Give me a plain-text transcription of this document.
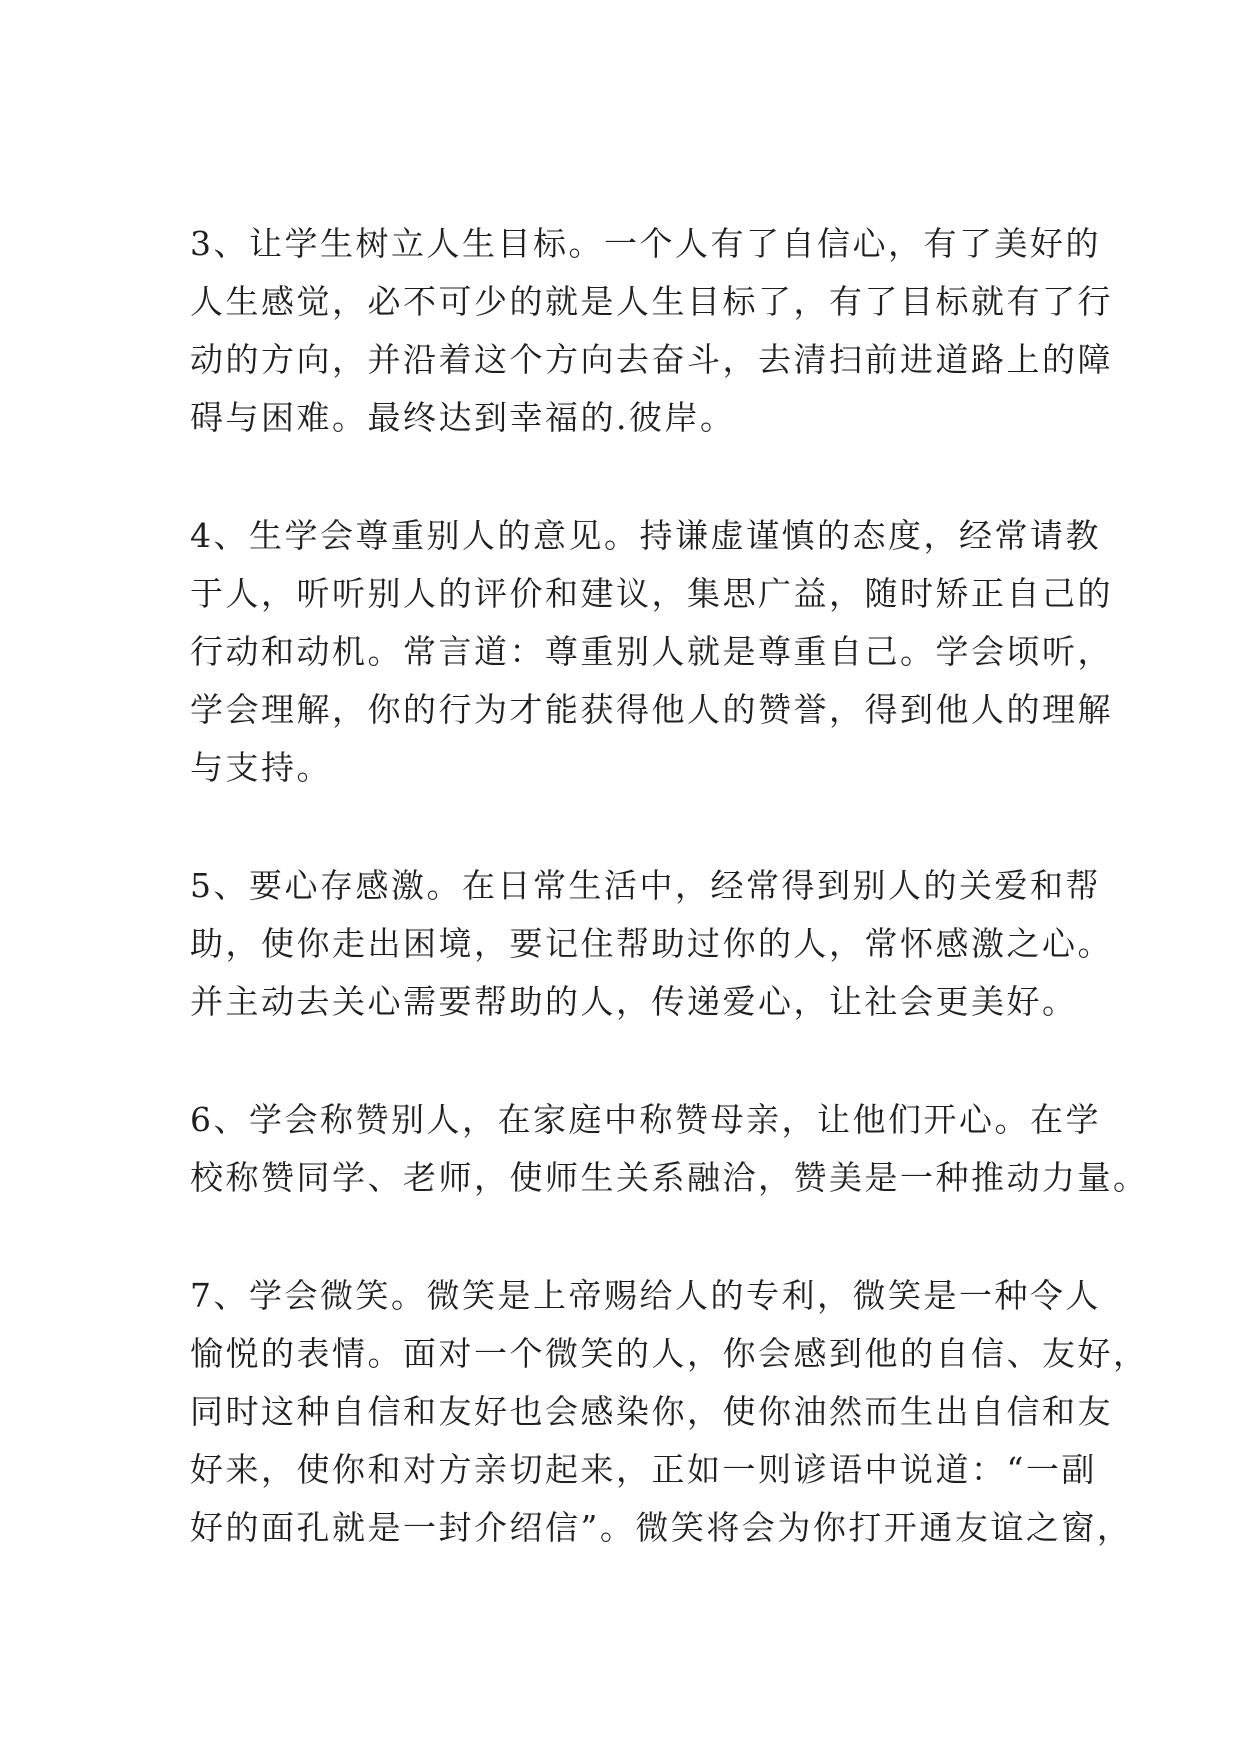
3、让学生树立人生目标。一个人有了自信心，有了美好的
人生感觉，必不可少的就是人生目标了，有了目标就有了行
动的方向，并沿着这个方向去奋斗，去清扫前进道路上的障
碍与困难。最终达到幸福的.彼岸。
4、生学会尊重别人的意见。持谦虚谨慎的态度，经常请教
于人，听听别人的评价和建议，集思广益，随时矫正自己的
行动和动机。常言道：尊重别人就是尊重自己。学会顷听，
学会理解，你的行为才能获得他人的赞誉，得到他人的理解
与支持。
5、要心存感激。在日常生活中，经常得到别人的关爱和帮
助，使你走出困境，要记住帮助过你的人，常怀感激之心。
并主动去关心需要帮助的人，传递爱心，让社会更美好。
6、学会称赞别人，在家庭中称赞母亲，让他们开心。在学
校称赞同学、老师，使师生关系融洽，赞美是一种推动力量。
7、学会微笑。微笑是上帝赐给人的专利，微笑是一种令人
愉悦的表情。面对一个微笑的人，你会感到他的自信、友好，
同时这种自信和友好也会感染你，使你油然而生出自信和友
好来，使你和对方亲切起来，正如一则谚语中说道：“一副
好的面孔就是一封介绍信”。微笑将会为你打开通友谊之窗，
